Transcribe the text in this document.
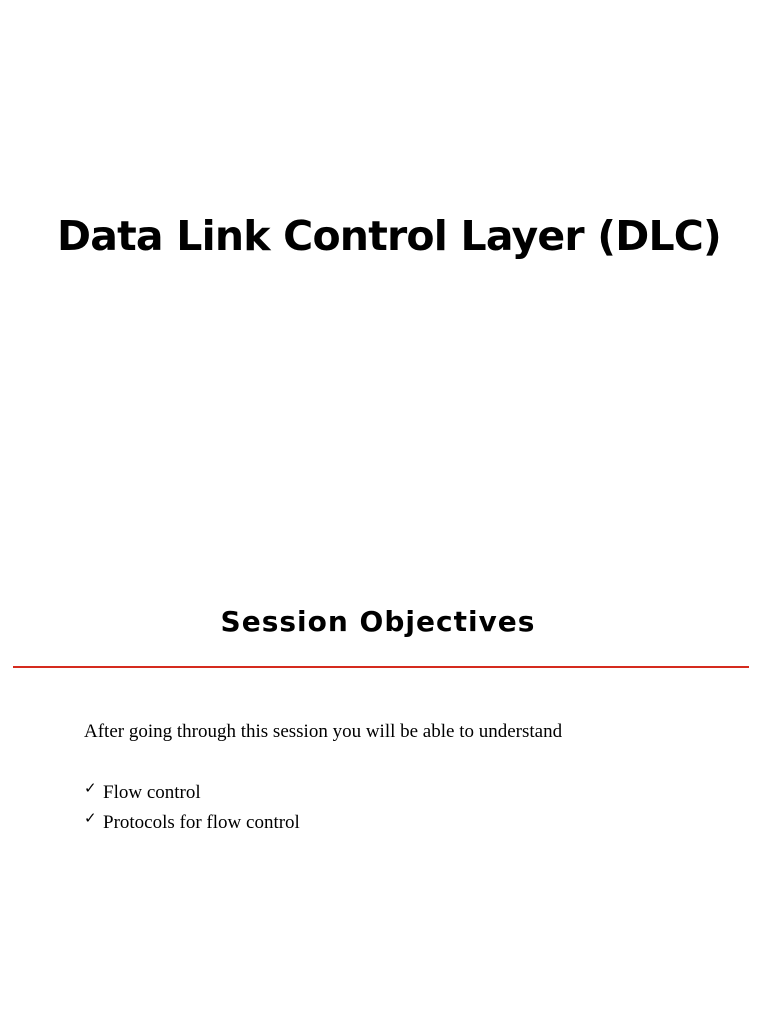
Data Link Control Layer (DLC)
Session Objectives

After going through this session you will be able to understand

✓ Flow control
✓ Protocols for flow control
